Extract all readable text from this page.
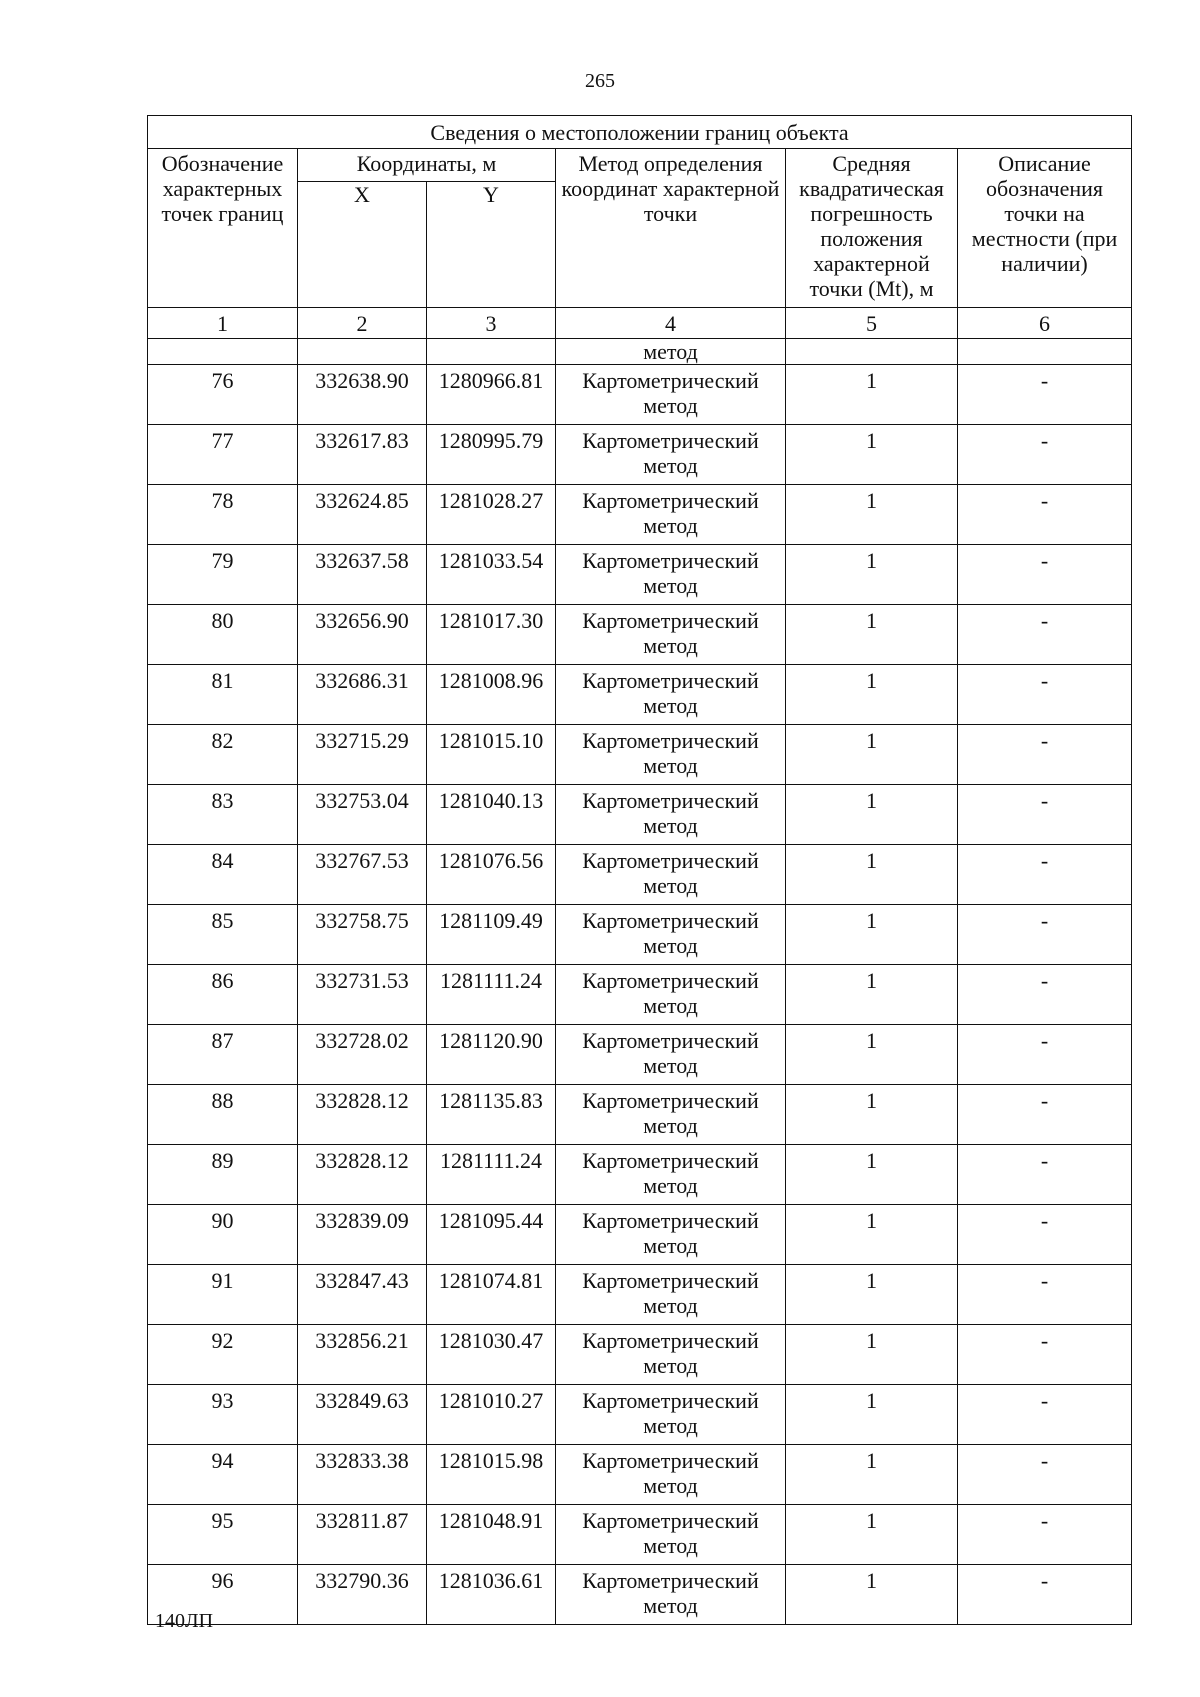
265
Сведения о местоположении границ объекта					
Обозначение характерных точек границ	Координаты, м		Метод определения координат характерной точки	Средняя квадратическая погрешность положения характерной точки (Mt), м	Описание обозначения точки на местности (при наличии)
	X	Y			
1	2	3	4	5	6
			метод		
76	332638.90	1280966.81	Картометрический метод	1	-
77	332617.83	1280995.79	Картометрический метод	1	-
78	332624.85	1281028.27	Картометрический метод	1	-
79	332637.58	1281033.54	Картометрический метод	1	-
80	332656.90	1281017.30	Картометрический метод	1	-
81	332686.31	1281008.96	Картометрический метод	1	-
82	332715.29	1281015.10	Картометрический метод	1	-
83	332753.04	1281040.13	Картометрический метод	1	-
84	332767.53	1281076.56	Картометрический метод	1	-
85	332758.75	1281109.49	Картометрический метод	1	-
86	332731.53	1281111.24	Картометрический метод	1	-
87	332728.02	1281120.90	Картометрический метод	1	-
88	332828.12	1281135.83	Картометрический метод	1	-
89	332828.12	1281111.24	Картометрический метод	1	-
90	332839.09	1281095.44	Картометрический метод	1	-
91	332847.43	1281074.81	Картометрический метод	1	-
92	332856.21	1281030.47	Картометрический метод	1	-
93	332849.63	1281010.27	Картометрический метод	1	-
94	332833.38	1281015.98	Картометрический метод	1	-
95	332811.87	1281048.91	Картометрический метод	1	-
96	332790.36	1281036.61	Картометрический метод	1	-
140ЛП
